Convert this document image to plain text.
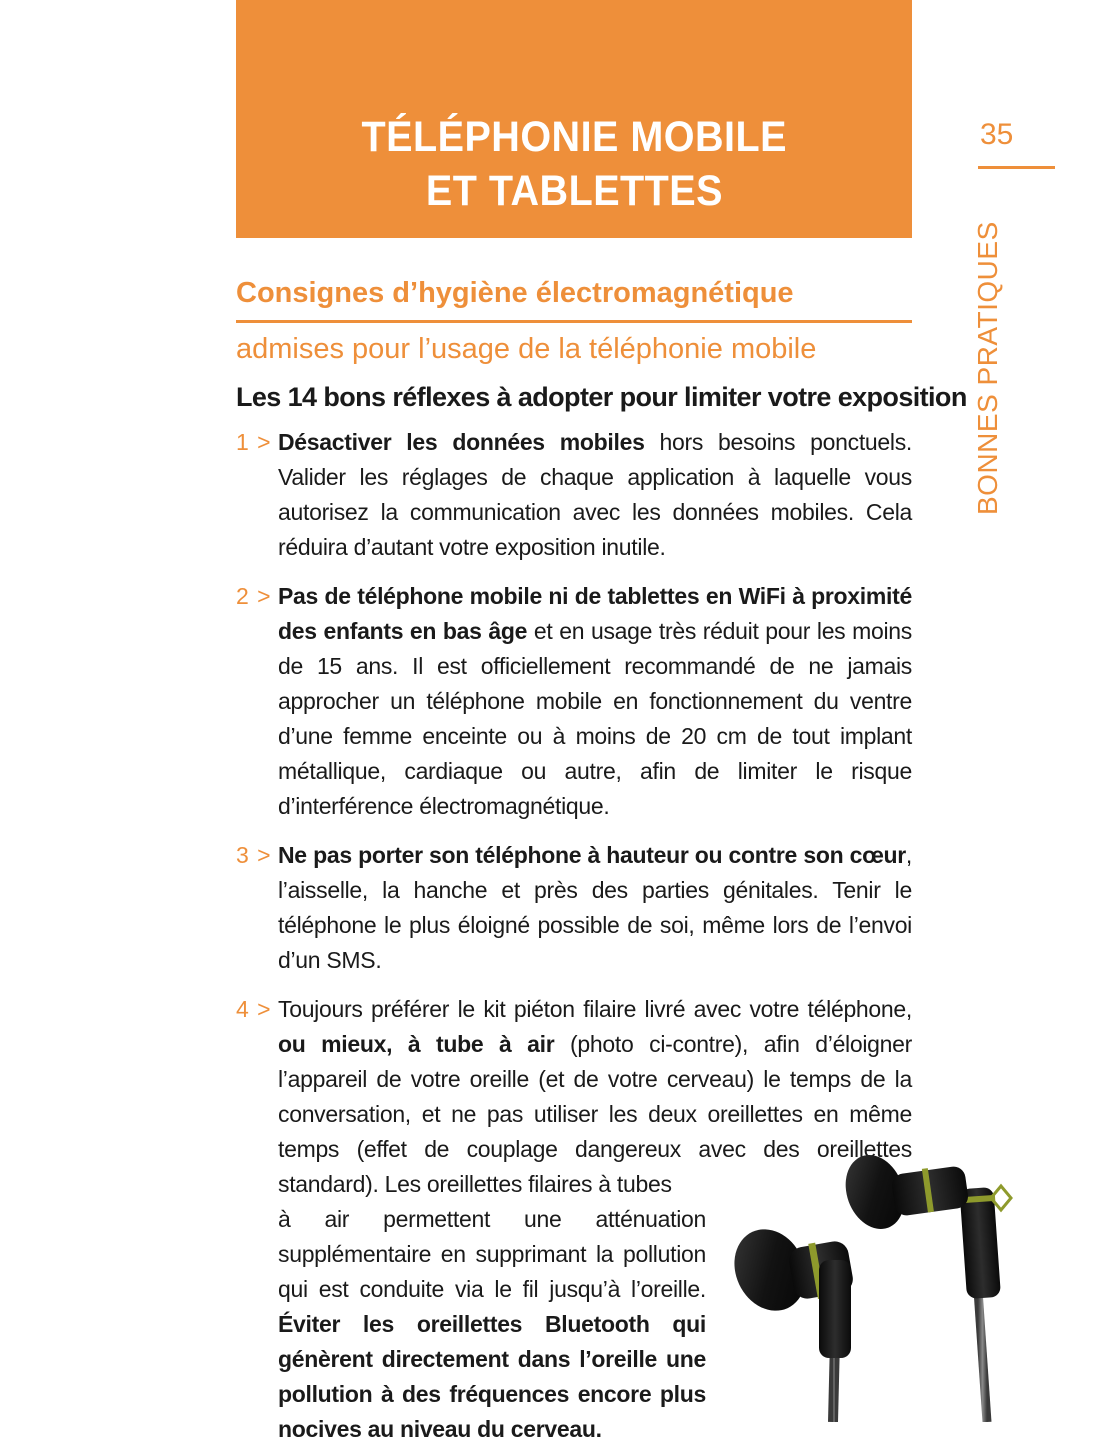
TÉLÉPHONIE MOBILE
ET TABLETTES
35
BONNES PRATIQUES
Consignes d’hygiène électromagnétique
admises pour l’usage de la téléphonie mobile
Les 14 bons réflexes à adopter pour limiter votre exposition
1 > Désactiver les données mobiles hors besoins ponctuels. Valider les réglages de chaque application à laquelle vous autorisez la communication avec les données mobiles. Cela réduira d’autant votre exposition inutile.
2 > Pas de téléphone mobile ni de tablettes en WiFi à proximité des enfants en bas âge et en usage très réduit pour les moins de 15 ans. Il est officiellement recommandé de ne jamais approcher un téléphone mobile en fonctionnement du ventre d’une femme enceinte ou à moins de 20 cm de tout implant métallique, cardiaque ou autre, afin de limiter le risque d’interférence électromagnétique.
3 > Ne pas porter son téléphone à hauteur ou contre son cœur, l’aisselle, la hanche et près des parties génitales. Tenir le téléphone le plus éloigné possible de soi, même lors de l’envoi d’un SMS.
4 > Toujours préférer le kit piéton filaire livré avec votre téléphone, ou mieux, à tube à air (photo ci-contre), afin d’éloigner l’appareil de votre oreille (et de votre cerveau) le temps de la conversation, et ne pas utiliser les deux oreillettes en même temps (effet de couplage dangereux avec des oreillettes standard). Les oreillettes filaires à tubes
à air permettent une atténuation supplémentaire en supprimant la pollution qui est conduite via le fil jusqu’à l’oreille. Éviter les oreillettes Bluetooth qui génèrent directement dans l’oreille une pollution à des fréquences encore plus nocives au niveau du cerveau.
